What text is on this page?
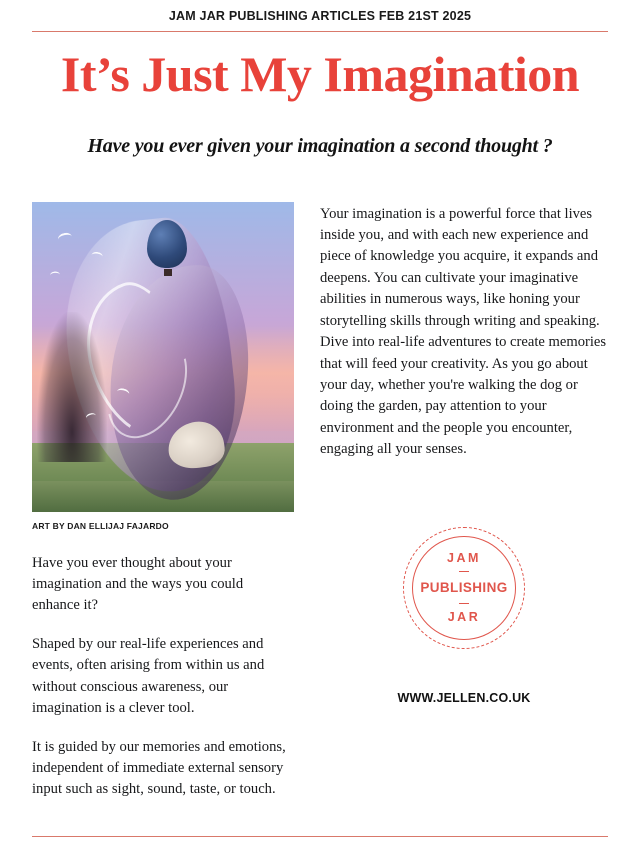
JAM JAR PUBLISHING ARTICLES FEB 21ST 2025
It’s Just My Imagination
Have you ever given your imagination a second thought ?
ART BY DAN ELLIJAJ FAJARDO

Have you ever thought about your imagination and the ways you could enhance it?

Shaped by our real-life experiences and events, often arising from within us and without conscious awareness, our imagination is a clever tool.

It is guided by our memories and emotions, independent of immediate external sensory input such as sight, sound, taste, or touch.

Your imagination is a powerful force that lives inside you, and with each new experience and piece of knowledge you acquire, it expands and deepens. You can cultivate your imaginative abilities in numerous ways, like honing your storytelling skills through writing and speaking. Dive into real-life adventures to create memories that will feed your creativity. As you go about your day, whether you're walking the dog or doing the garden, pay attention to your environment and the people you encounter, engaging all your senses.

JAM
—
PUBLISHING
—
JAR
WWW.JELLEN.CO.UK
